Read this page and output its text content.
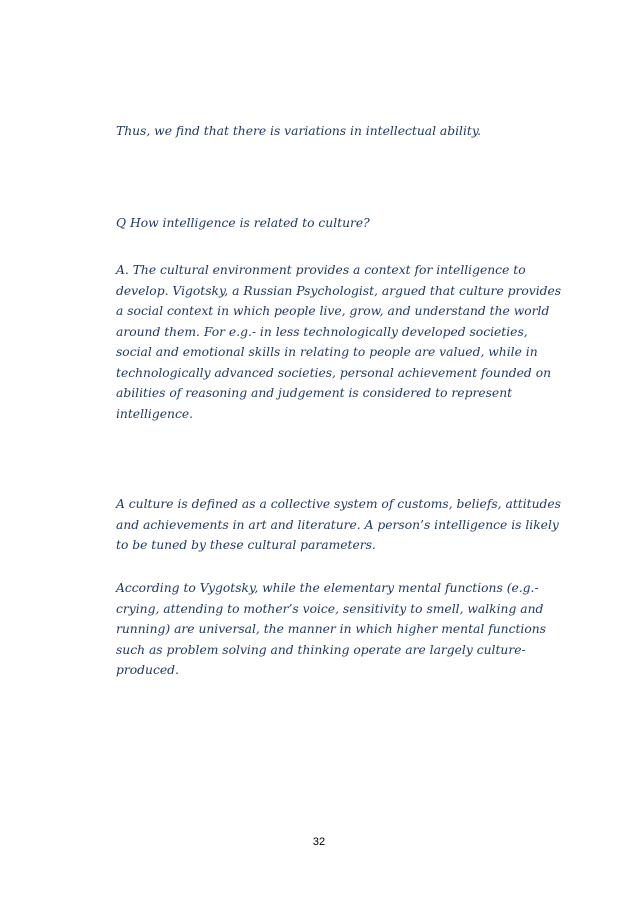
Thus, we find that there is variations in intellectual ability.

Q How intelligence is related to culture?

A. The cultural environment provides a context for intelligence to develop. Vigotsky, a Russian Psychologist, argued that culture provides a social context in which people live, grow, and understand the world around them. For e.g.- in less technologically developed societies, social and emotional skills in relating to people are valued, while in technologically advanced societies, personal achievement founded on abilities of reasoning and judgement is considered to represent intelligence.

A culture is defined as a collective system of customs, beliefs, attitudes and achievements in art and literature. A person’s intelligence is likely to be tuned by these cultural parameters.

According to Vygotsky, while the elementary mental functions (e.g.- crying, attending to mother’s voice, sensitivity to smell, walking and running) are universal, the manner in which higher mental functions such as problem solving and thinking operate are largely culture-produced.

32
